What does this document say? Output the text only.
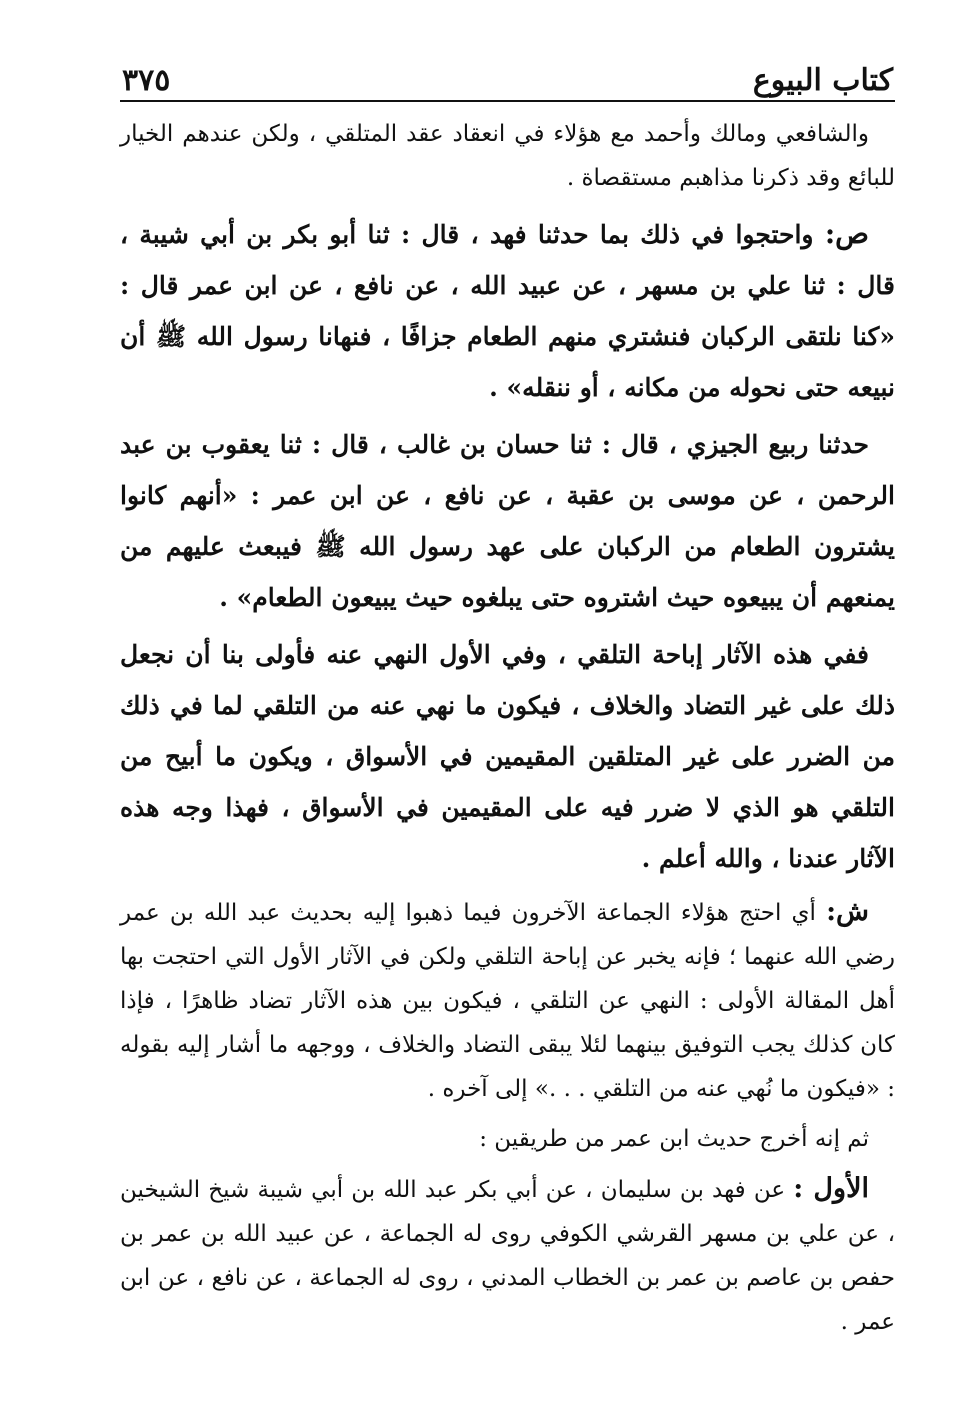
كتاب البيوع
٣٧٥

والشافعي ومالك وأحمد مع هؤلاء في انعقاد عقد المتلقي ، ولكن عندهم الخيار للبائع وقد ذكرنا مذاهبم مستقصاة .

ص: واحتجوا في ذلك بما حدثنا فهد ، قال : ثنا أبو بكر بن أبي شيبة ، قال : ثنا علي بن مسهر ، عن عبيد الله ، عن نافع ، عن ابن عمر قال : «كنا نلتقى الركبان فنشتري منهم الطعام جزافًا ، فنهانا رسول الله ﷺ أن نبيعه حتى نحوله من مكانه ، أو ننقله» .

حدثنا ربيع الجيزي ، قال : ثنا حسان بن غالب ، قال : ثنا يعقوب بن عبد الرحمن ، عن موسى بن عقبة ، عن نافع ، عن ابن عمر : «أنهم كانوا يشترون الطعام من الركبان على عهد رسول الله ﷺ فيبعث عليهم من يمنعهم أن يبيعوه حيث اشتروه حتى يبلغوه حيث يبيعون الطعام» .

ففي هذه الآثار إباحة التلقي ، وفي الأول النهي عنه فأولى بنا أن نجعل ذلك على غير التضاد والخلاف ، فيكون ما نهي عنه من التلقي لما في ذلك من الضرر على غير المتلقين المقيمين في الأسواق ، ويكون ما أبيح من التلقي هو الذي لا ضرر فيه على المقيمين في الأسواق ، فهذا وجه هذه الآثار عندنا ، والله أعلم .

ش: أي احتج هؤلاء الجماعة الآخرون فيما ذهبوا إليه بحديث عبد الله بن عمر رضي الله عنهما ؛ فإنه يخبر عن إباحة التلقي ولكن في الآثار الأول التي احتجت بها أهل المقالة الأولى : النهي عن التلقي ، فيكون بين هذه الآثار تضاد ظاهرًا ، فإذا كان كذلك يجب التوفيق بينهما لئلا يبقى التضاد والخلاف ، ووجهه ما أشار إليه بقوله : «فيكون ما نُهي عنه من التلقي . . .» إلى آخره .

ثم إنه أخرج حديث ابن عمر من طريقين :

الأول : عن فهد بن سليمان ، عن أبي بكر عبد الله بن أبي شيبة شيخ الشيخين ، عن علي بن مسهر القرشي الكوفي روى له الجماعة ، عن عبيد الله بن عمر بن حفص بن عاصم بن عمر بن الخطاب المدني ، روى له الجماعة ، عن نافع ، عن ابن عمر .
